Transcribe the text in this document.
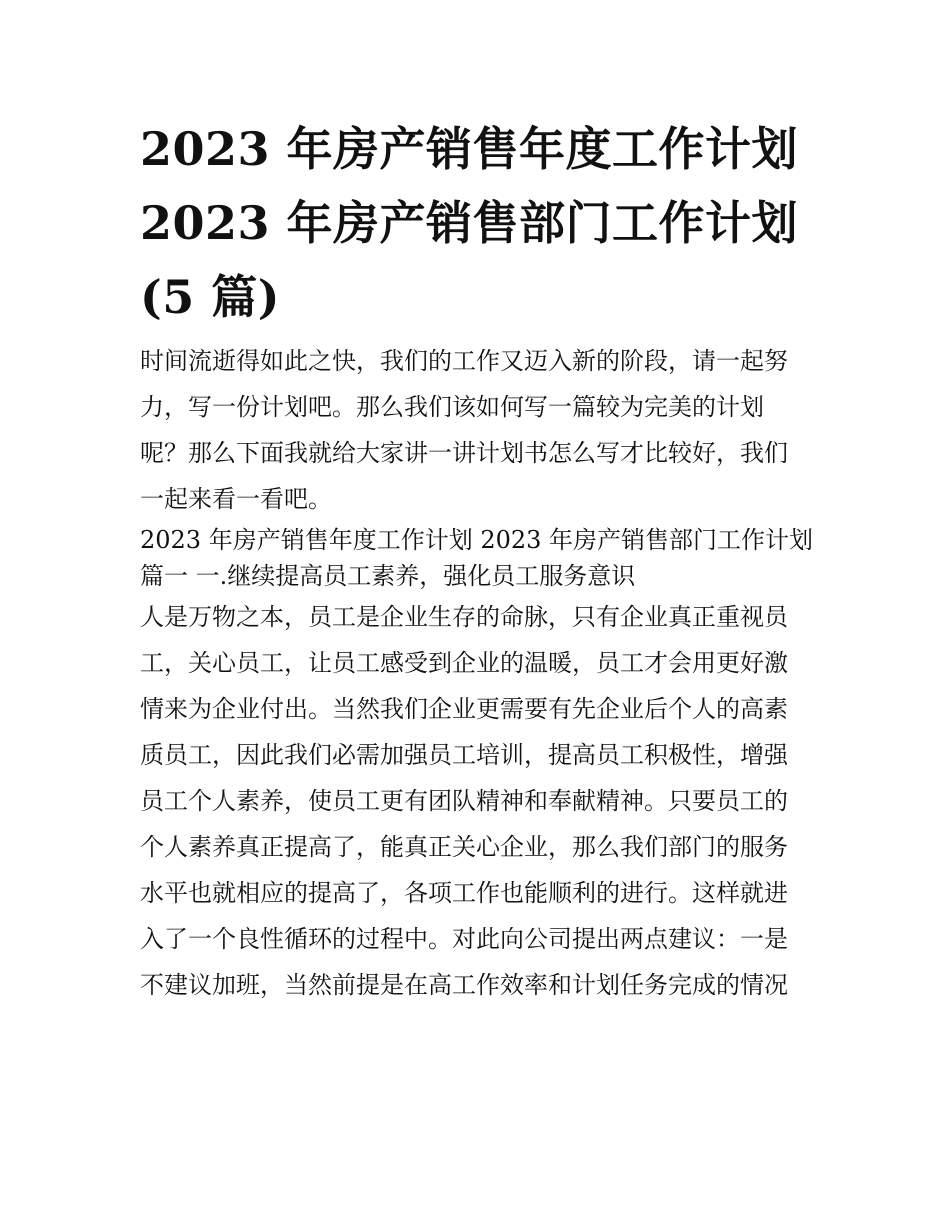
2023 年房产销售年度工作计划
2023 年房产销售部门工作计划
(5 篇)

时间流逝得如此之快，我们的工作又迈入新的阶段，请一起努
力，写一份计划吧。那么我们该如何写一篇较为完美的计划
呢？那么下面我就给大家讲一讲计划书怎么写才比较好，我们
一起来看一看吧。

2023 年房产销售年度工作计划 2023 年房产销售部门工作计划
篇一 一.继续提高员工素养，强化员工服务意识

人是万物之本，员工是企业生存的命脉，只有企业真正重视员
工，关心员工，让员工感受到企业的温暖，员工才会用更好激
情来为企业付出。当然我们企业更需要有先企业后个人的高素
质员工，因此我们必需加强员工培训，提高员工积极性，增强
员工个人素养，使员工更有团队精神和奉献精神。只要员工的
个人素养真正提高了，能真正关心企业，那么我们部门的服务
水平也就相应的提高了，各项工作也能顺利的进行。这样就进
入了一个良性循环的过程中。对此向公司提出两点建议：一是
不建议加班，当然前提是在高工作效率和计划任务完成的情况
